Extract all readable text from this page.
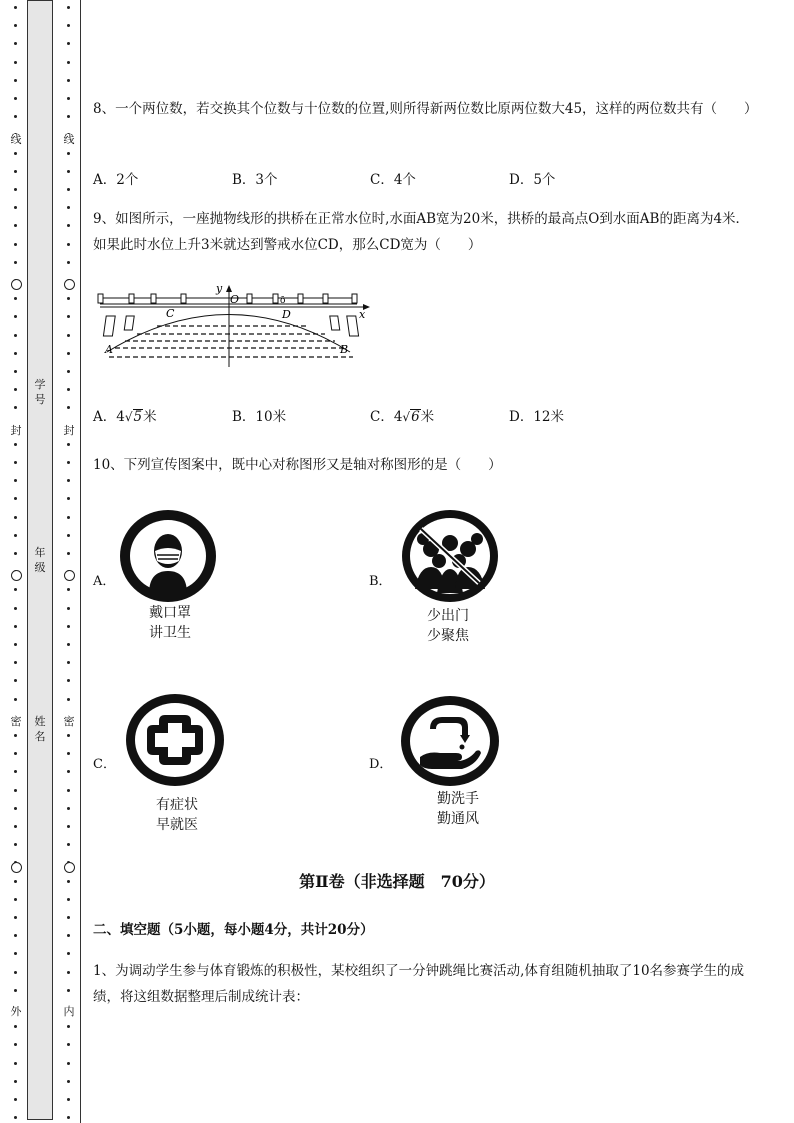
线
封
密
外
线
封
密
内
学号
年级
姓名
8、一个两位数，若交换其个位数与十位数的位置,则所得新两位数比原两位数大45，这样的两位数共有（　　）
A．2个	B．3个	C．4个	D．5个
9、如图所示，一座抛物线形的拱桥在正常水位时,水面AB宽为20米，拱桥的最高点O到水面AB的距离为4米．如果此时水位上升3米就达到警戒水位CD，那么CD宽为（　　）
y
O	ō
x
C	D
A	B
A．4√5米	B．10米	C．4√6米	D．12米
10、下列宣传图案中，既中心对称图形又是轴对称图形的是（　　）
A．
戴口罩
讲卫生
B．
少出门
少聚焦
C．
有症状
早就医
D．
勤洗手
勤通风
第Ⅱ卷（非选择题　70分）
二、填空题（5小题，每小题4分，共计20分）
1、为调动学生参与体育锻炼的积极性，某校组织了一分钟跳绳比赛活动,体育组随机抽取了10名参赛学生的成绩，将这组数据整理后制成统计表：
